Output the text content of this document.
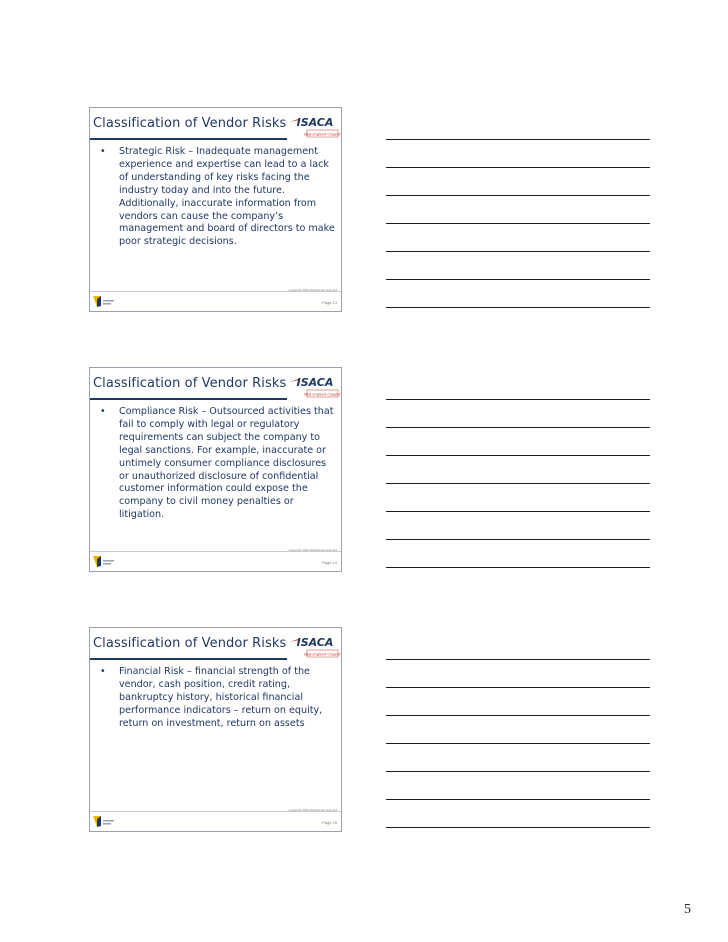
Classification of Vendor Risks ISACA
New England Chapter
• Strategic Risk – Inadequate management experience and expertise can lead to a lack of understanding of key risks facing the industry today and into the future. Additionally, inaccurate information from vendors can cause the company’s management and board of directors to make poor strategic decisions.
Copyright 2010 Wolcott Services Ltd
Page 13
Classification of Vendor Risks ISACA
New England Chapter
• Compliance Risk – Outsourced activities that fail to comply with legal or regulatory requirements can subject the company to legal sanctions. For example, inaccurate or untimely consumer compliance disclosures or unauthorized disclosure of confidential customer information could expose the company to civil money penalties or litigation.
Copyright 2010 Wolcott Services Ltd
Page 14
Classification of Vendor Risks ISACA
New England Chapter
• Financial Risk – financial strength of the vendor, cash position, credit rating, bankruptcy history, historical financial performance indicators – return on equity, return on investment, return on assets
Copyright 2010 Wolcott Services Ltd
Page 15
5
